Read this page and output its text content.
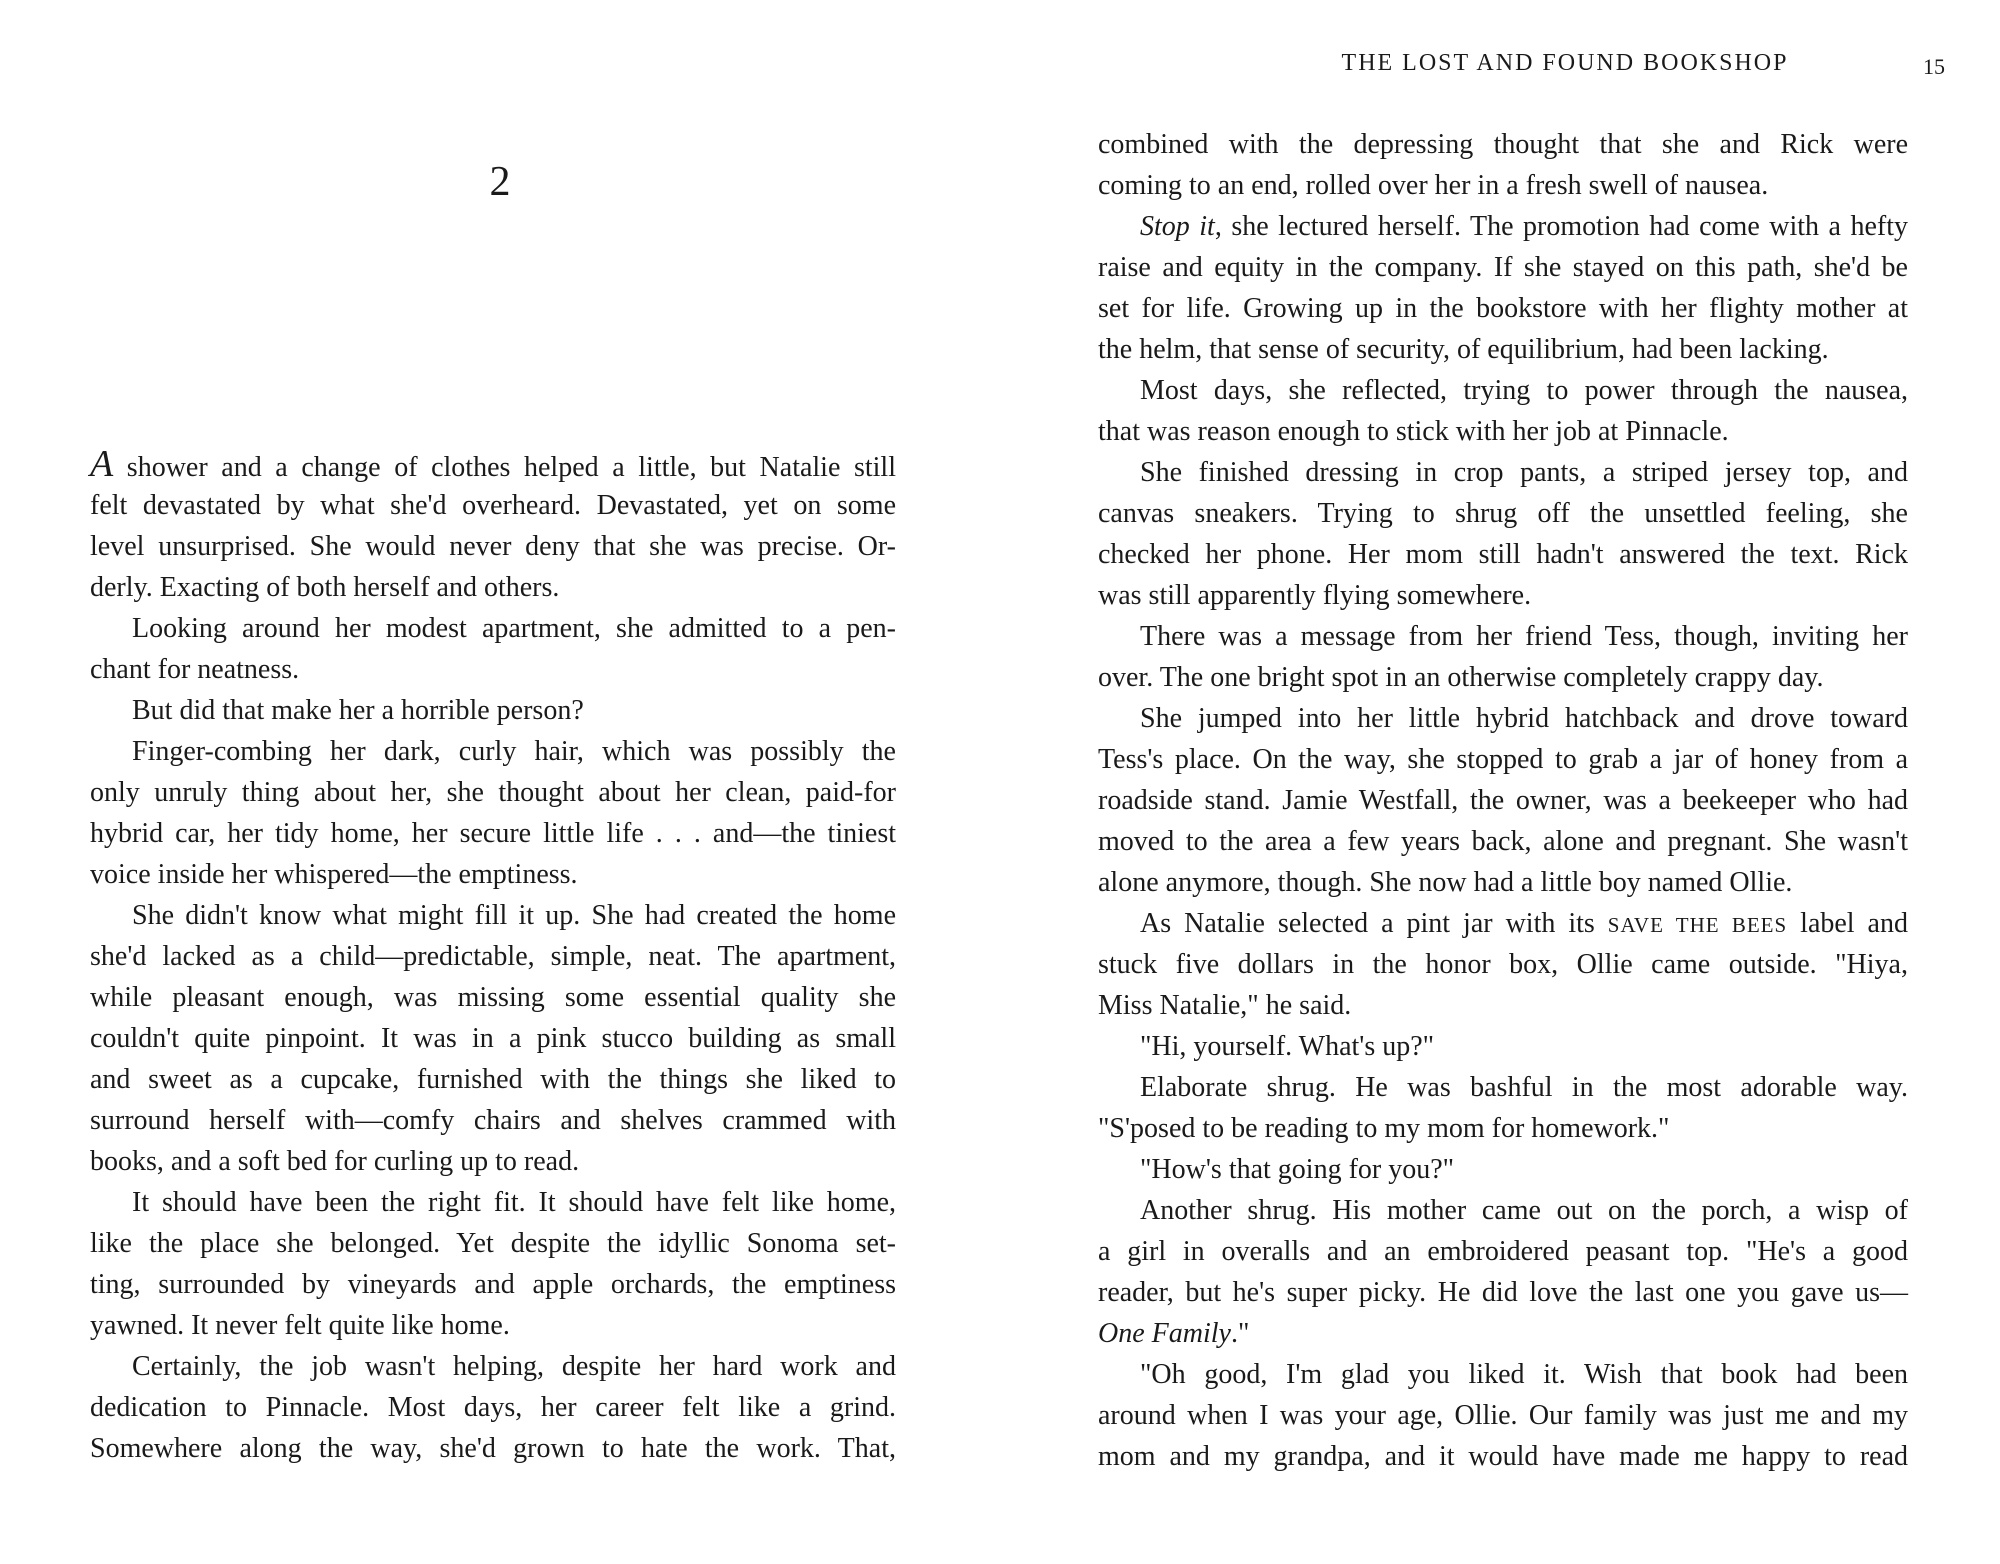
2
A shower and a change of clothes helped a little, but Natalie still
felt devastated by what she'd overheard. Devastated, yet on some
level unsurprised. She would never deny that she was precise. Or-
derly. Exacting of both herself and others.
Looking around her modest apartment, she admitted to a pen-
chant for neatness.
But did that make her a horrible person?
Finger-combing her dark, curly hair, which was possibly the
only unruly thing about her, she thought about her clean, paid-for
hybrid car, her tidy home, her secure little life . . . and—the tiniest
voice inside her whispered—the emptiness.
She didn't know what might fill it up. She had created the home
she'd lacked as a child—predictable, simple, neat. The apartment,
while pleasant enough, was missing some essential quality she
couldn't quite pinpoint. It was in a pink stucco building as small
and sweet as a cupcake, furnished with the things she liked to
surround herself with—comfy chairs and shelves crammed with
books, and a soft bed for curling up to read.
It should have been the right fit. It should have felt like home,
like the place she belonged. Yet despite the idyllic Sonoma set-
ting, surrounded by vineyards and apple orchards, the emptiness
yawned. It never felt quite like home.
Certainly, the job wasn't helping, despite her hard work and
dedication to Pinnacle. Most days, her career felt like a grind.
Somewhere along the way, she'd grown to hate the work. That,
THE LOST AND FOUND BOOKSHOP	15
combined with the depressing thought that she and Rick were
coming to an end, rolled over her in a fresh swell of nausea.
Stop it, she lectured herself. The promotion had come with a hefty
raise and equity in the company. If she stayed on this path, she'd be
set for life. Growing up in the bookstore with her flighty mother at
the helm, that sense of security, of equilibrium, had been lacking.
Most days, she reflected, trying to power through the nausea,
that was reason enough to stick with her job at Pinnacle.
She finished dressing in crop pants, a striped jersey top, and
canvas sneakers. Trying to shrug off the unsettled feeling, she
checked her phone. Her mom still hadn't answered the text. Rick
was still apparently flying somewhere.
There was a message from her friend Tess, though, inviting her
over. The one bright spot in an otherwise completely crappy day.
She jumped into her little hybrid hatchback and drove toward
Tess's place. On the way, she stopped to grab a jar of honey from a
roadside stand. Jamie Westfall, the owner, was a beekeeper who had
moved to the area a few years back, alone and pregnant. She wasn't
alone anymore, though. She now had a little boy named Ollie.
As Natalie selected a pint jar with its SAVE THE BEES label and
stuck five dollars in the honor box, Ollie came outside. "Hiya,
Miss Natalie," he said.
"Hi, yourself. What's up?"
Elaborate shrug. He was bashful in the most adorable way.
"S'posed to be reading to my mom for homework."
"How's that going for you?"
Another shrug. His mother came out on the porch, a wisp of
a girl in overalls and an embroidered peasant top. "He's a good
reader, but he's super picky. He did love the last one you gave us—
One Family."
"Oh good, I'm glad you liked it. Wish that book had been
around when I was your age, Ollie. Our family was just me and my
mom and my grandpa, and it would have made me happy to read
